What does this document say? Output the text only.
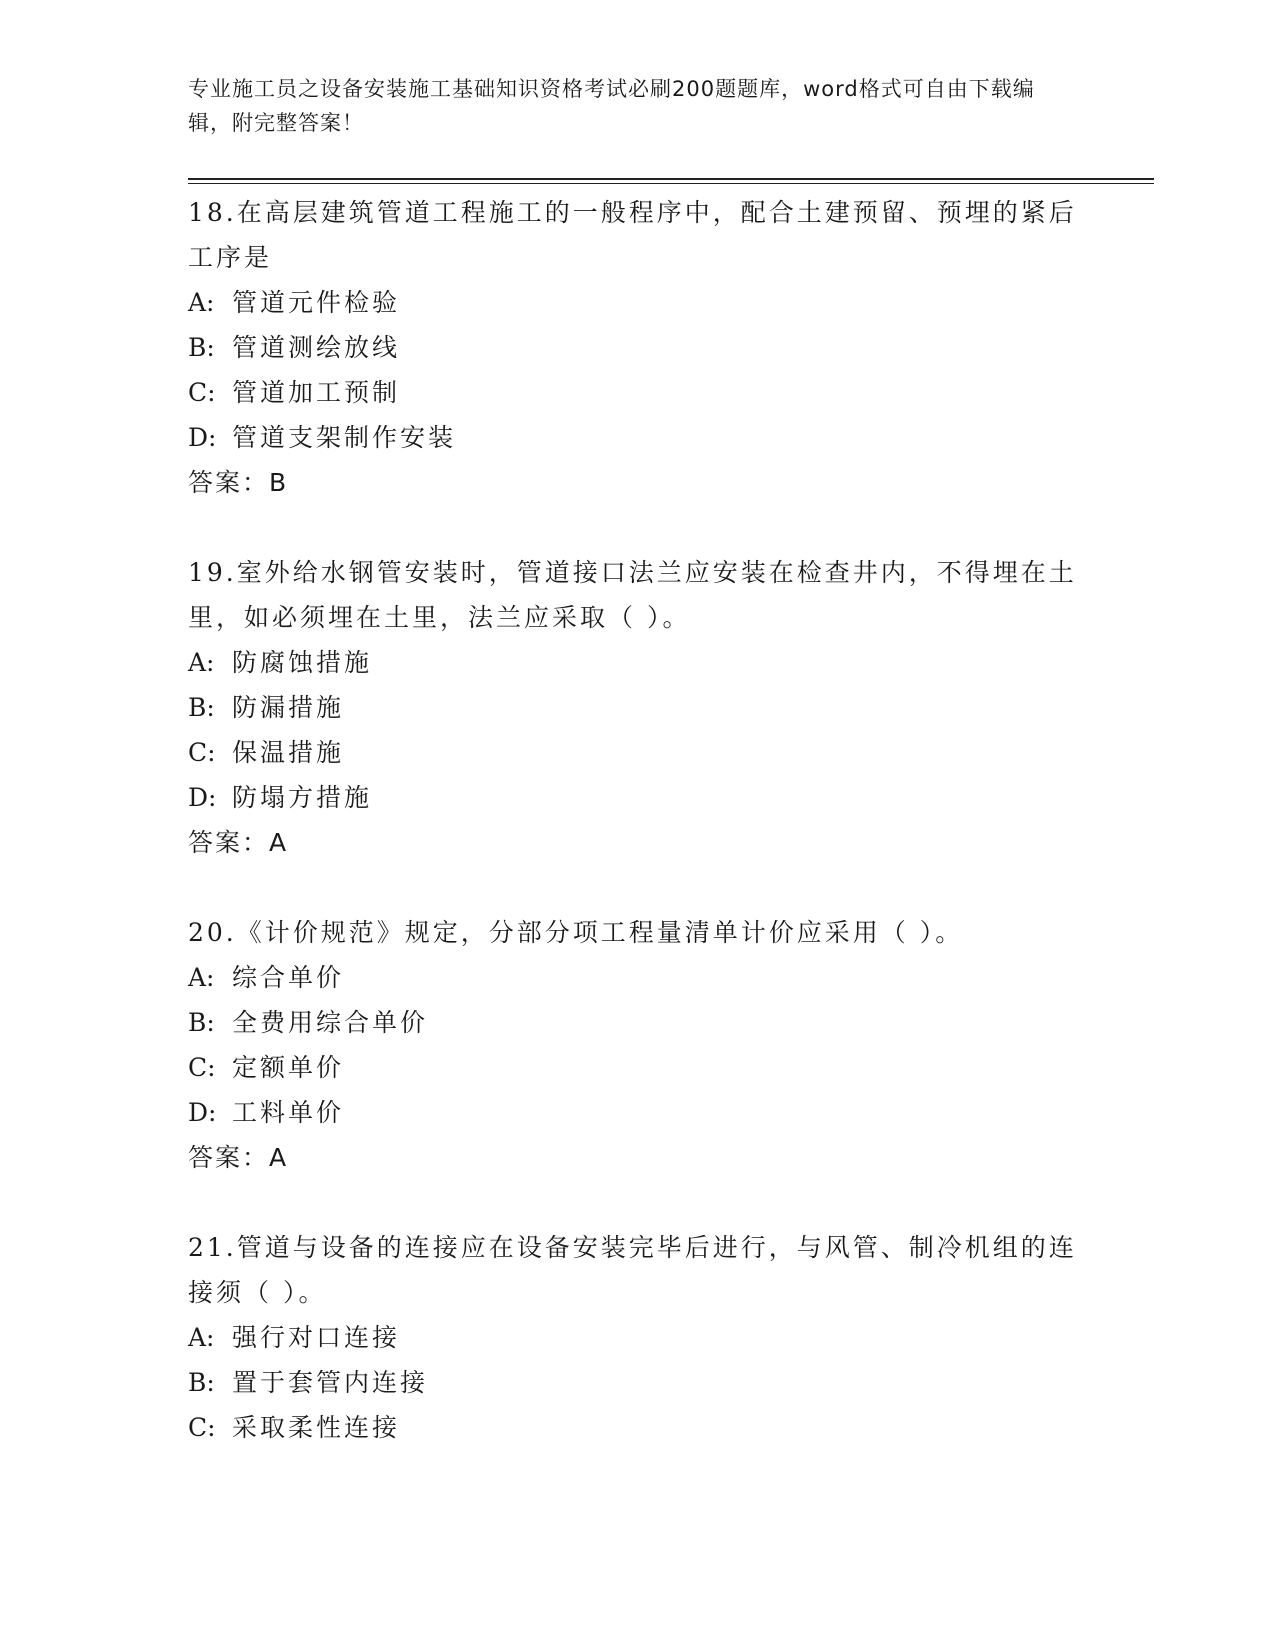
专业施工员之设备安装施工基础知识资格考试必刷200题题库，word格式可自由下载编辑，附完整答案！

18.在高层建筑管道工程施工的一般程序中，配合土建预留、预埋的紧后工序是

A: 管道元件检验

B: 管道测绘放线

C: 管道加工预制

D: 管道支架制作安装

答案：B

19.室外给水钢管安装时，管道接口法兰应安装在检查井内，不得埋在土里，如必须埋在土里，法兰应采取（ ）。

A: 防腐蚀措施

B: 防漏措施

C: 保温措施

D: 防塌方措施

答案：A

20.《计价规范》规定，分部分项工程量清单计价应采用（ ）。

A: 综合单价

B: 全费用综合单价

C: 定额单价

D: 工料单价

答案：A

21.管道与设备的连接应在设备安装完毕后进行，与风管、制冷机组的连接须（ ）。

A: 强行对口连接

B: 置于套管内连接

C: 采取柔性连接
